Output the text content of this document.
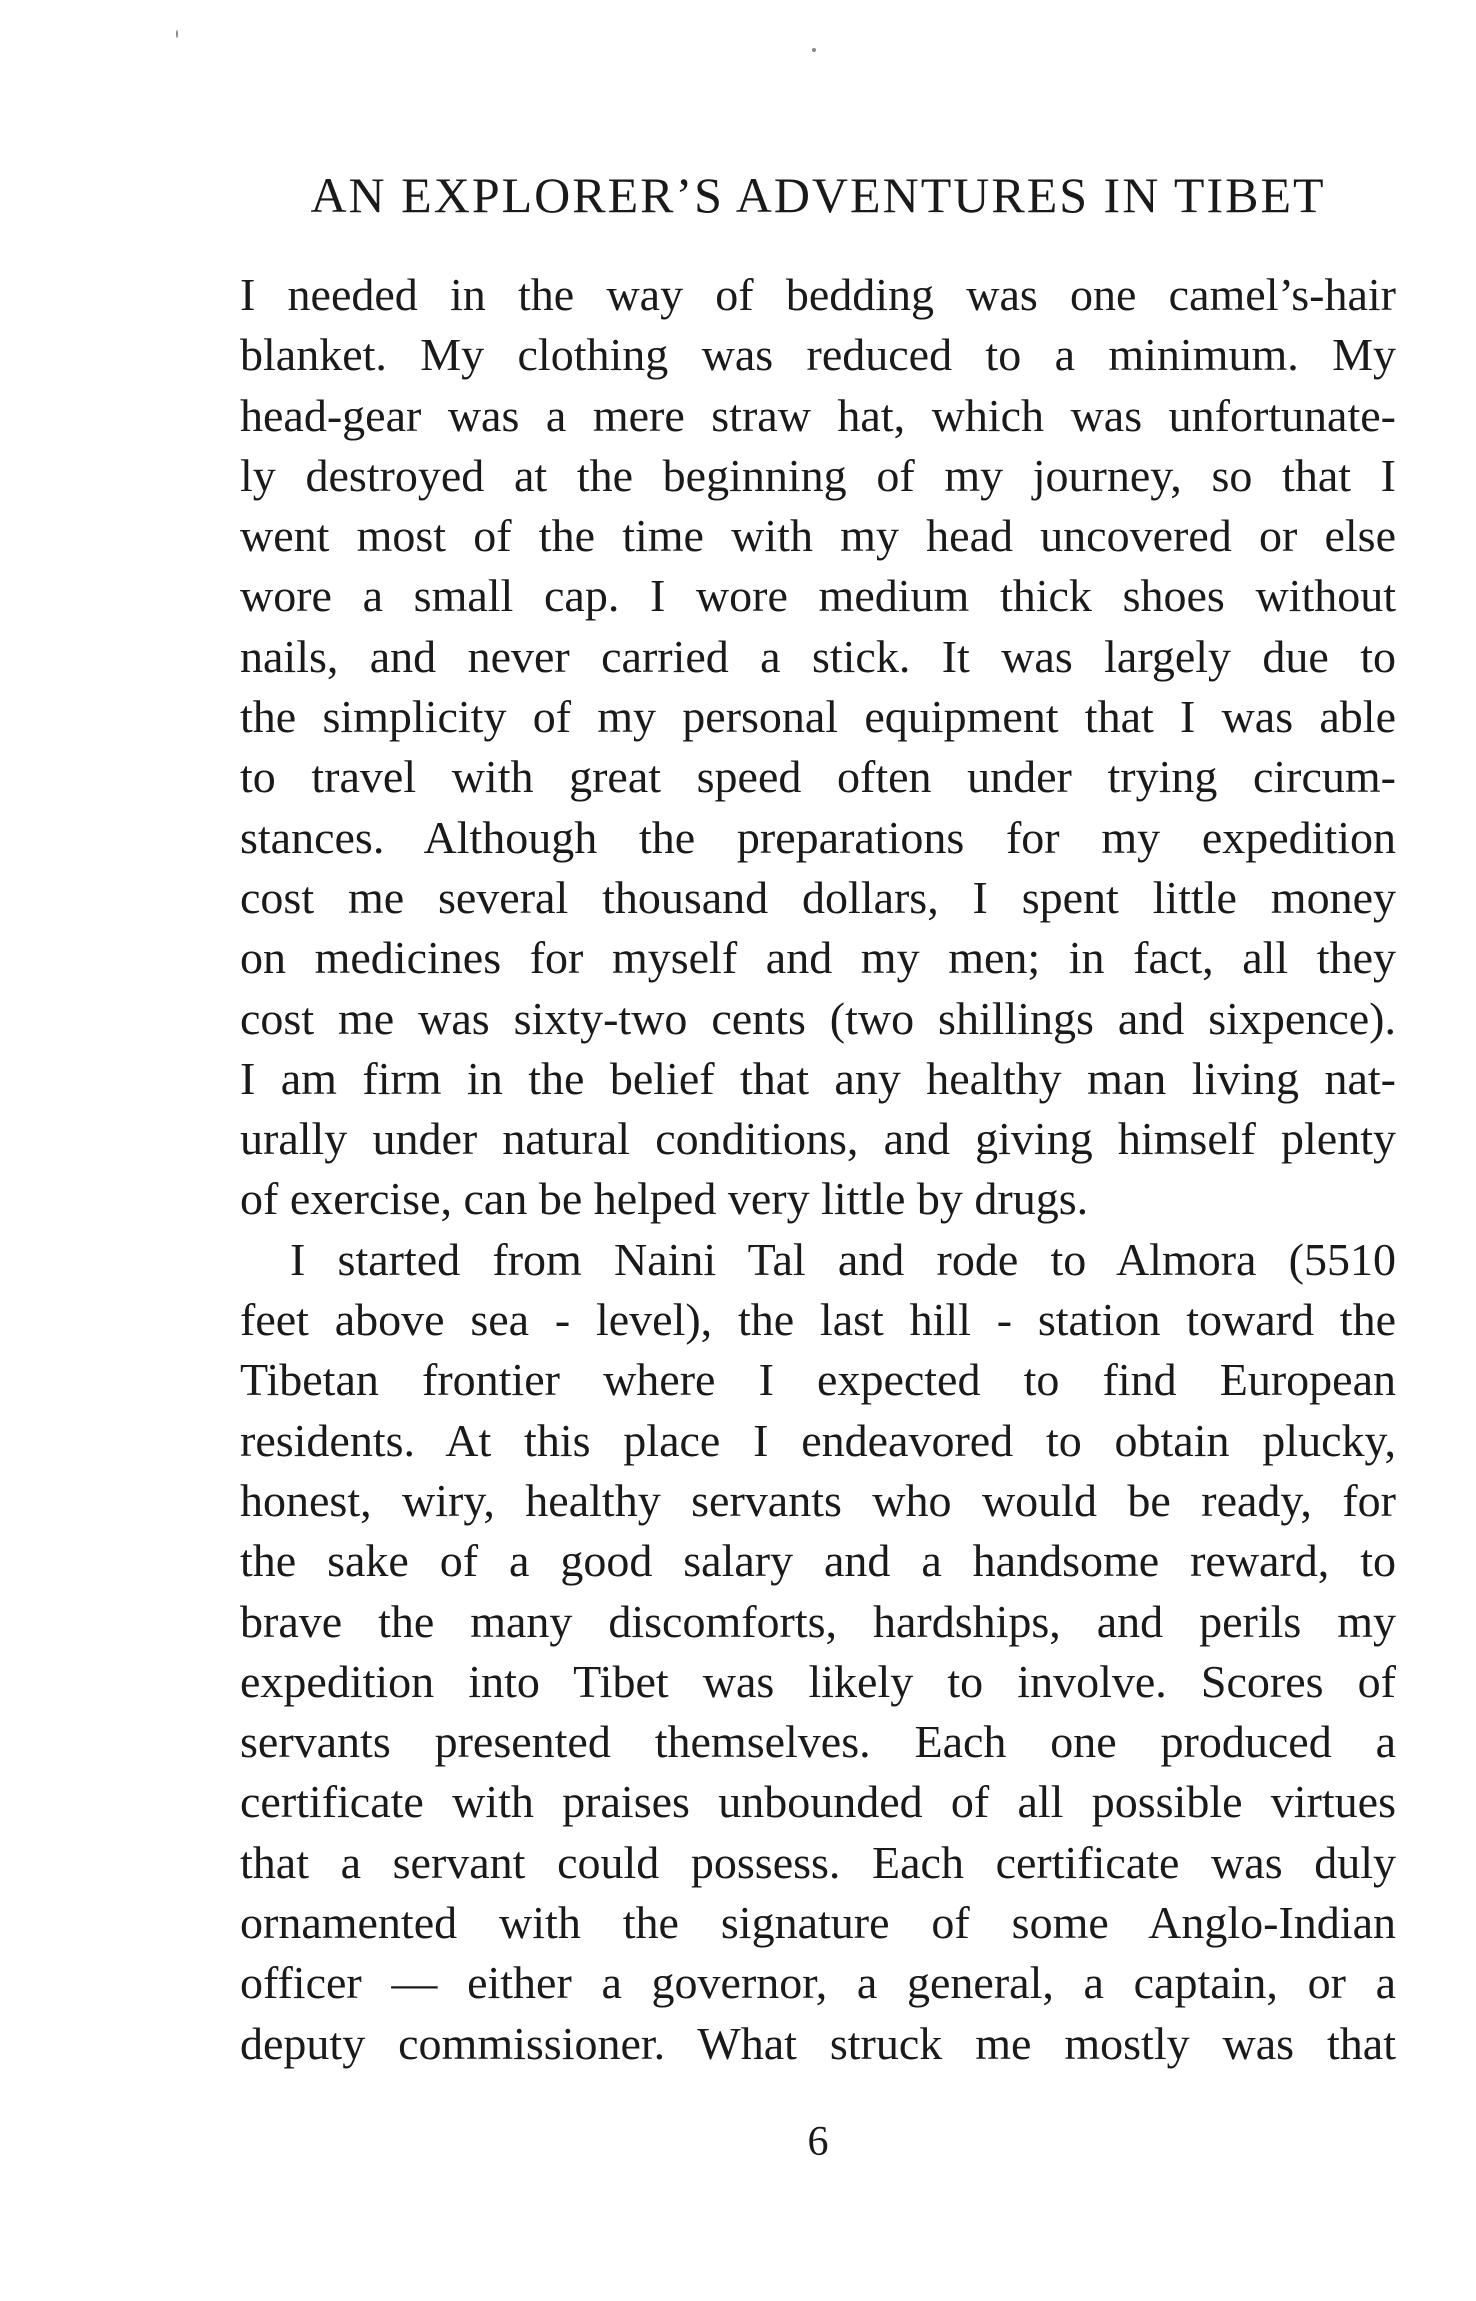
AN EXPLORER’S ADVENTURES IN TIBET
I needed in the way of bedding was one camel’s-hair
blanket. My clothing was reduced to a minimum. My
head-gear was a mere straw hat, which was unfortunate-
ly destroyed at the beginning of my journey, so that I
went most of the time with my head uncovered or else
wore a small cap. I wore medium thick shoes without
nails, and never carried a stick. It was largely due to
the simplicity of my personal equipment that I was able
to travel with great speed often under trying circum-
stances. Although the preparations for my expedition
cost me several thousand dollars, I spent little money
on medicines for myself and my men; in fact, all they
cost me was sixty-two cents (two shillings and sixpence).
I am firm in the belief that any healthy man living nat-
urally under natural conditions, and giving himself plenty
of exercise, can be helped very little by drugs.
I started from Naini Tal and rode to Almora (5510
feet above sea - level), the last hill - station toward the
Tibetan frontier where I expected to find European
residents. At this place I endeavored to obtain plucky,
honest, wiry, healthy servants who would be ready, for
the sake of a good salary and a handsome reward, to
brave the many discomforts, hardships, and perils my
expedition into Tibet was likely to involve. Scores of
servants presented themselves. Each one produced a
certificate with praises unbounded of all possible virtues
that a servant could possess. Each certificate was duly
ornamented with the signature of some Anglo-Indian
officer — either a governor, a general, a captain, or a
deputy commissioner. What struck me mostly was that
6
